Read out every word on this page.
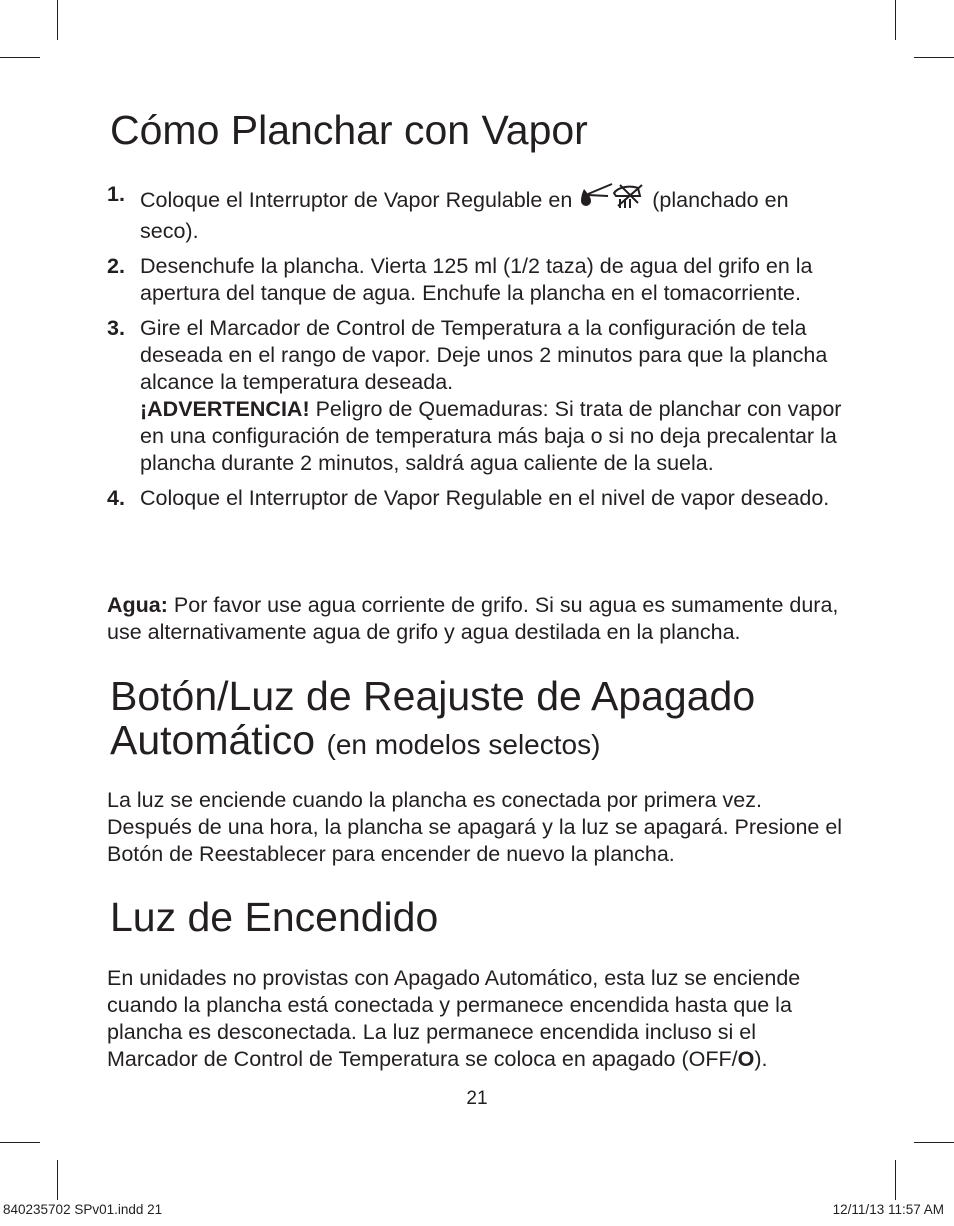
Cómo Planchar con Vapor
1. Coloque el Interruptor de Vapor Regulable en	(planchado en seco).
2. Desenchufe la plancha. Vierta 125 ml (1/2 taza) de agua del grifo en la apertura del tanque de agua. Enchufe la plancha en el tomacorriente.
3. Gire el Marcador de Control de Temperatura a la configuración de tela deseada en el rango de vapor. Deje unos 2 minutos para que la plancha alcance la temperatura deseada.
¡ADVERTENCIA! Peligro de Quemaduras: Si trata de planchar con vapor en una configuración de temperatura más baja o si no deja precalentar la plancha durante 2 minutos, saldrá agua caliente de la suela.
4. Coloque el Interruptor de Vapor Regulable en el nivel de vapor deseado.

Agua: Por favor use agua corriente de grifo. Si su agua es sumamente dura, use alternativamente agua de grifo y agua destilada en la plancha.

Botón/Luz de Reajuste de Apagado
Automático (en modelos selectos)

La luz se enciende cuando la plancha es conectada por primera vez. Después de una hora, la plancha se apagará y la luz se apagará. Presione el Botón de Reestablecer para encender de nuevo la plancha.

Luz de Encendido

En unidades no provistas con Apagado Automático, esta luz se enciende cuando la plancha está conectada y permanece encendida hasta que la plancha es desconectada. La luz permanece encendida incluso si el Marcador de Control de Temperatura se coloca en apagado (OFF/O).

21
840235702 SPv01.indd 21	12/11/13 11:57 AM
